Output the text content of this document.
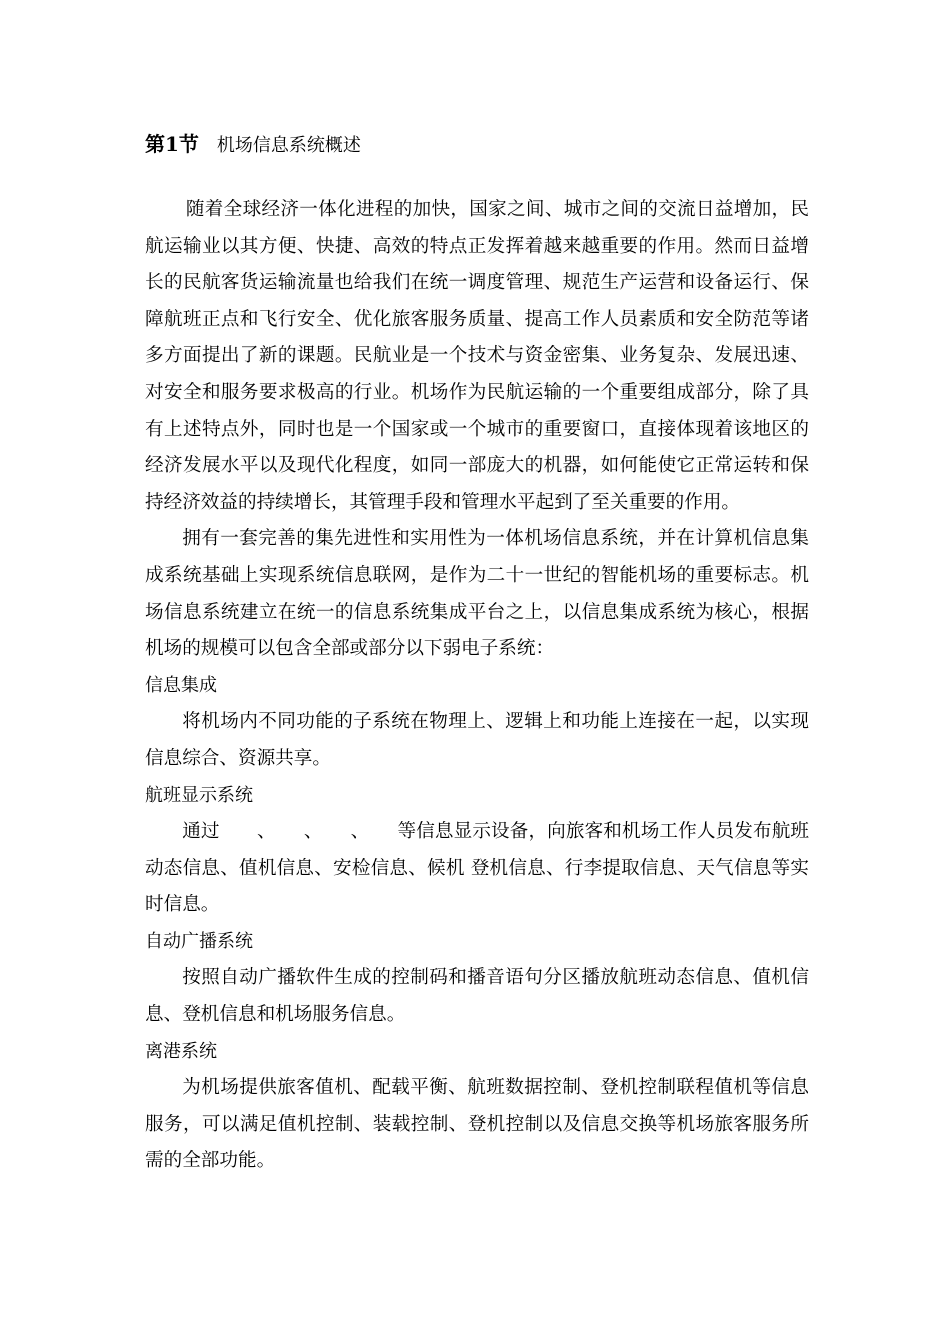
第1节 机场信息系统概述

随着全球经济一体化进程的加快，国家之间、城市之间的交流日益增加，民航运输业以其方便、快捷、高效的特点正发挥着越来越重要的作用。然而日益增长的民航客货运输流量也给我们在统一调度管理、规范生产运营和设备运行、保障航班正点和飞行安全、优化旅客服务质量、提高工作人员素质和安全防范等诸多方面提出了新的课题。民航业是一个技术与资金密集、业务复杂、发展迅速、对安全和服务要求极高的行业。机场作为民航运输的一个重要组成部分，除了具有上述特点外，同时也是一个国家或一个城市的重要窗口，直接体现着该地区的经济发展水平以及现代化程度，如同一部庞大的机器，如何能使它正常运转和保持经济效益的持续增长，其管理手段和管理水平起到了至关重要的作用。

拥有一套完善的集先进性和实用性为一体机场信息系统，并在计算机信息集成系统基础上实现系统信息联网，是作为二十一世纪的智能机场的重要标志。机场信息系统建立在统一的信息系统集成平台之上，以信息集成系统为核心，根据机场的规模可以包含全部或部分以下弱电子系统：

信息集成

将机场内不同功能的子系统在物理上、逻辑上和功能上连接在一起，以实现信息综合、资源共享。

航班显示系统

通过　　、　　、　　、　　等信息显示设备，向旅客和机场工作人员发布航班动态信息、值机信息、安检信息、候机 登机信息、行李提取信息、天气信息等实时信息。

自动广播系统

按照自动广播软件生成的控制码和播音语句分区播放航班动态信息、值机信息、登机信息和机场服务信息。

离港系统

为机场提供旅客值机、配载平衡、航班数据控制、登机控制联程值机等信息服务，可以满足值机控制、装载控制、登机控制以及信息交换等机场旅客服务所需的全部功能。
